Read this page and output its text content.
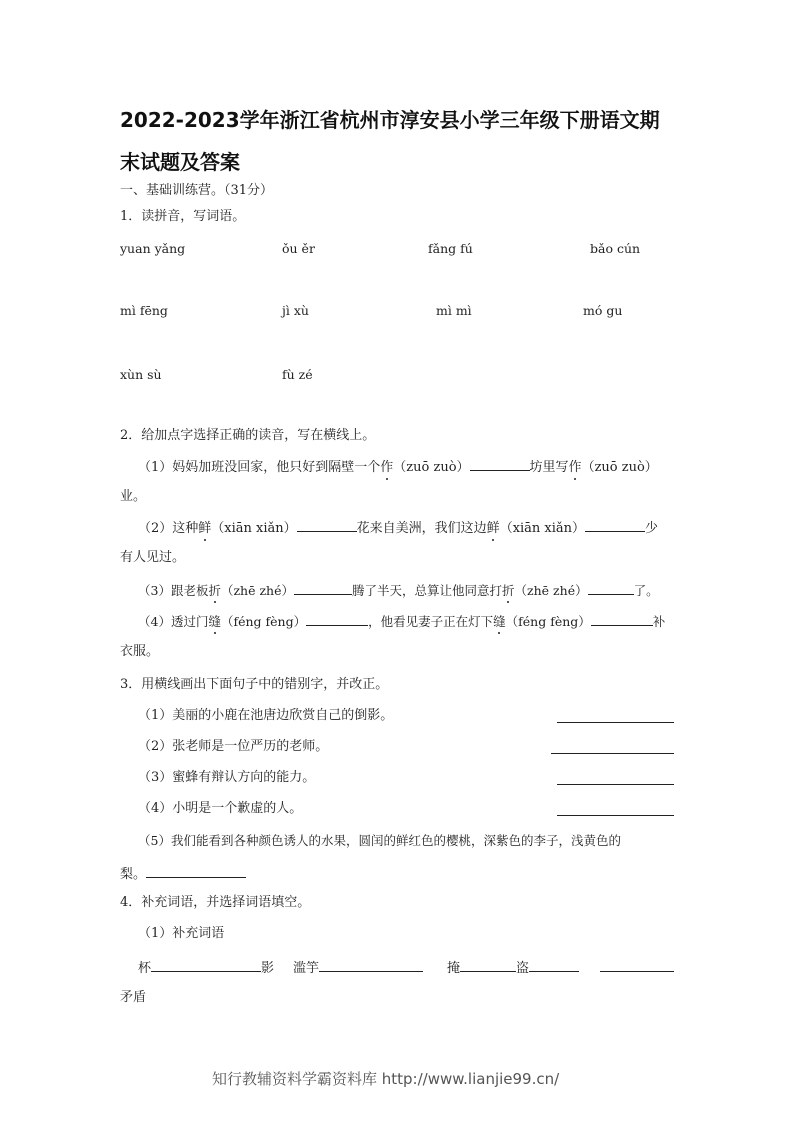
2022-2023学年浙江省杭州市淳安县小学三年级下册语文期
末试题及答案
一、基础训练营。（31分）
1．读拼音，写词语。
yuan yǎng	ǒu ěr	fǎng fú	bǎo cún
mì fēng	jì xù	mì mì	mó gu
xùn sù	fù zé
2．给加点字选择正确的读音，写在横线上。
（1）妈妈加班没回家，他只好到隔壁一个作（zuō zuò）	坊里写作（zuō zuò）
业。
（2）这种鲜（xiān xiǎn）	花来自美洲，我们这边鲜（xiān xiǎn）	少
有人见过。
（3）跟老板折（zhē zhé）	腾了半天，总算让他同意打折（zhē zhé）	了。
（4）透过门缝（féng fèng）	，他看见妻子正在灯下缝（féng fèng）	补
衣服。
3．用横线画出下面句子中的错别字，并改正。
（1）美丽的小鹿在池唐边欣赏自己的倒影。
（2）张老师是一位严历的老师。
（3）蜜蜂有辩认方向的能力。
（4）小明是一个歉虚的人。
（5）我们能看到各种颜色诱人的水果，圆闰的鲜红色的樱桃，深紫色的李子，浅黄色的
梨。
4．补充词语，并选择词语填空。
（1）补充词语
杯	影 滥竽	掩	盗
矛盾
知行教辅资料学霸资料库 http://www.lianjie99.cn/
